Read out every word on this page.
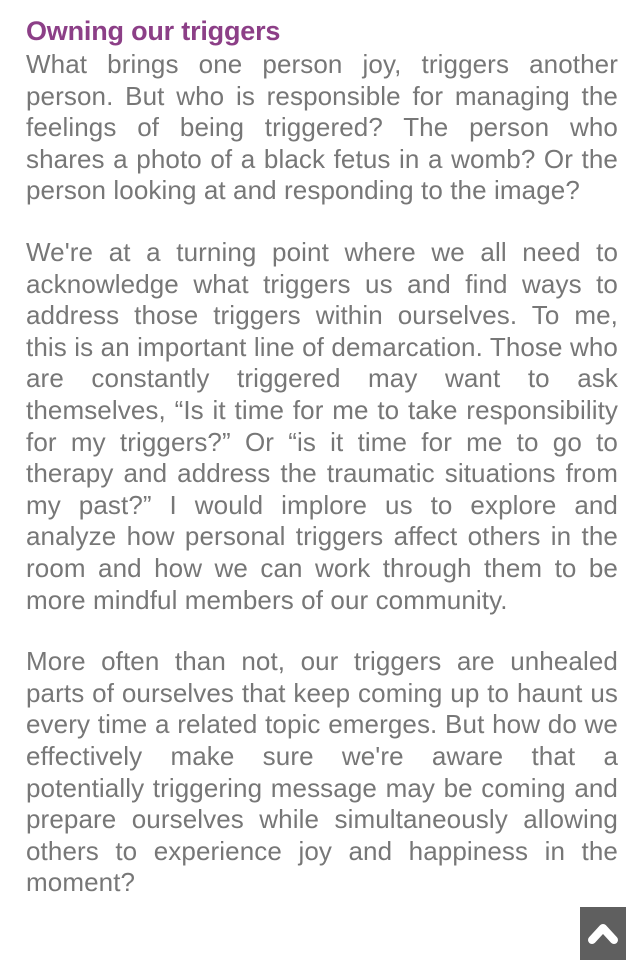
Owning our triggers

What brings one person joy, triggers another person. But who is responsible for managing the feelings of being triggered? The person who shares a photo of a black fetus in a womb? Or the person looking at and responding to the image?

We're at a turning point where we all need to acknowledge what triggers us and find ways to address those triggers within ourselves. To me, this is an important line of demarcation. Those who are constantly triggered may want to ask themselves, “Is it time for me to take responsibility for my triggers?” Or “is it time for me to go to therapy and address the traumatic situations from my past?” I would implore us to explore and analyze how personal triggers affect others in the room and how we can work through them to be more mindful members of our community.

More often than not, our triggers are unhealed parts of ourselves that keep coming up to haunt us every time a related topic emerges. But how do we effectively make sure we're aware that a potentially triggering message may be coming and prepare ourselves while simultaneously allowing others to experience joy and happiness in the moment?
